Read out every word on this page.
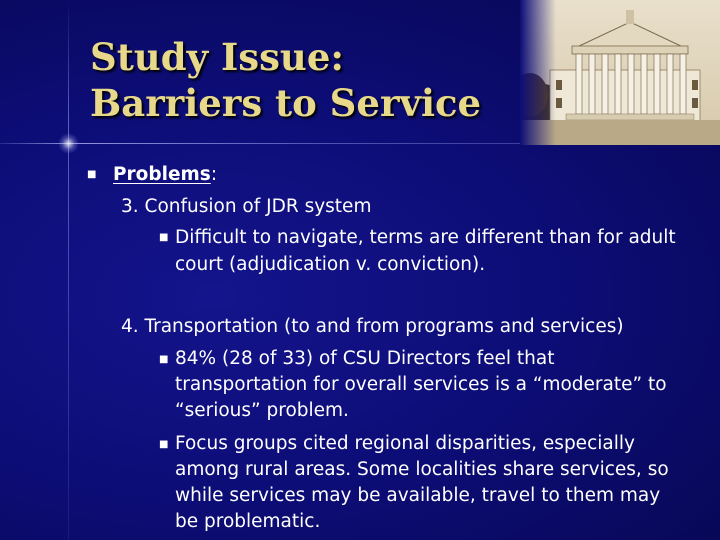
Study Issue:
Barriers to Service
■ Problems:
3. Confusion of JDR system
■ Difficult to navigate, terms are different than for adult
court (adjudication v. conviction).
4. Transportation (to and from programs and services)
■ 84% (28 of 33) of CSU Directors feel that
transportation for overall services is a “moderate” to
“serious” problem.
■ Focus groups cited regional disparities, especially
among rural areas. Some localities share services, so
while services may be available, travel to them may
be problematic.
